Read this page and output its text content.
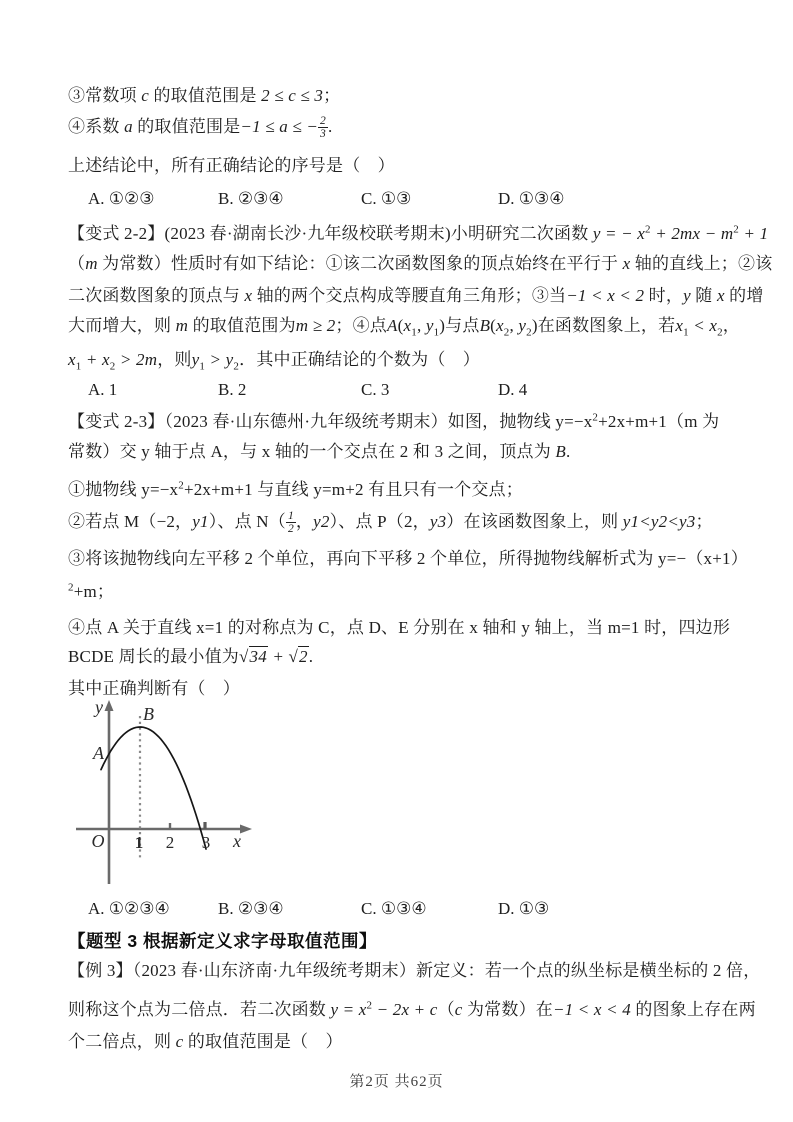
③常数项 c 的取值范围是 2 ≤ c ≤ 3；
④系数 a 的取值范围是−1 ≤ a ≤ − $\frac{2}{3}$ .
上述结论中，所有正确结论的序号是（　）
A. ①②③	B. ②③④	C. ①③	D. ①③④
【变式 2-2】(2023 春·湖南长沙·九年级校联考期末)小明研究二次函数 y = − $x^2 + 2mx - m^2 + 1$
（m 为常数）性质时有如下结论：①该二次函数图象的顶点始终在平行于 x 轴的直线上；②该
二次函数图象的顶点与 x 轴的两个交点构成等腰直角三角形；③当−1 < x < 2 时，y 随 x 的增
大而增大，则 m 的取值范围为m ≥ 2；④点$A(x_1$, $y_1$)与点$B(x_2$, $y_2$)在函数图象上，若$x_1 < x_2$，
$x_1 + x_2 > 2m$，则$y_1 > y_2$．其中正确结论的个数为（　）
A. 1	B. 2	C. 3	D. 4
【变式 2-3】（2023 春·山东德州·九年级统考期末）如图，抛物线 $y=-x^2+2x+m+1(m$ 为
常数）交 y 轴于点 A，与 x 轴的一个交点在 2 和 3 之间，顶点为 B.
①抛物线 $y=-x^2+2x+m+1$ 与直线 y=m+2 有且只有一个交点；
②若点 M（−2，y1）、点 $N( \frac{1}{2}$ ，y2）、点 P（2，y3）在该函数图象上，则 y1<y2<y3；
③将该抛物线向左平移 2 个单位，再向下平移 2 个单位，所得抛物线解析式为 y=−（x+1）
$^2$+m；
④点 A 关于直线 x=1 的对称点为 C，点 D、E 分别在 x 轴和 y 轴上，当 m=1 时，四边形
BCDE 周长的最小值为√34 + √2.
其中正确判断有（　）
y B
A
O 1 2 3 x
A. ①②③④	B. ②③④	C. ①③④	D. ①③
【题型 3 根据新定义求字母取值范围】
【例 3】（2023 春·山东济南·九年级统考期末）新定义：若一个点的纵坐标是横坐标的 2 倍，
则称这个点为二倍点．若二次函数 $y = x^2 - 2x + c(c$ 为常数）在−1 < x < 4 的图象上存在两
个二倍点，则 c 的取值范围是（　）
第2页 共62页
